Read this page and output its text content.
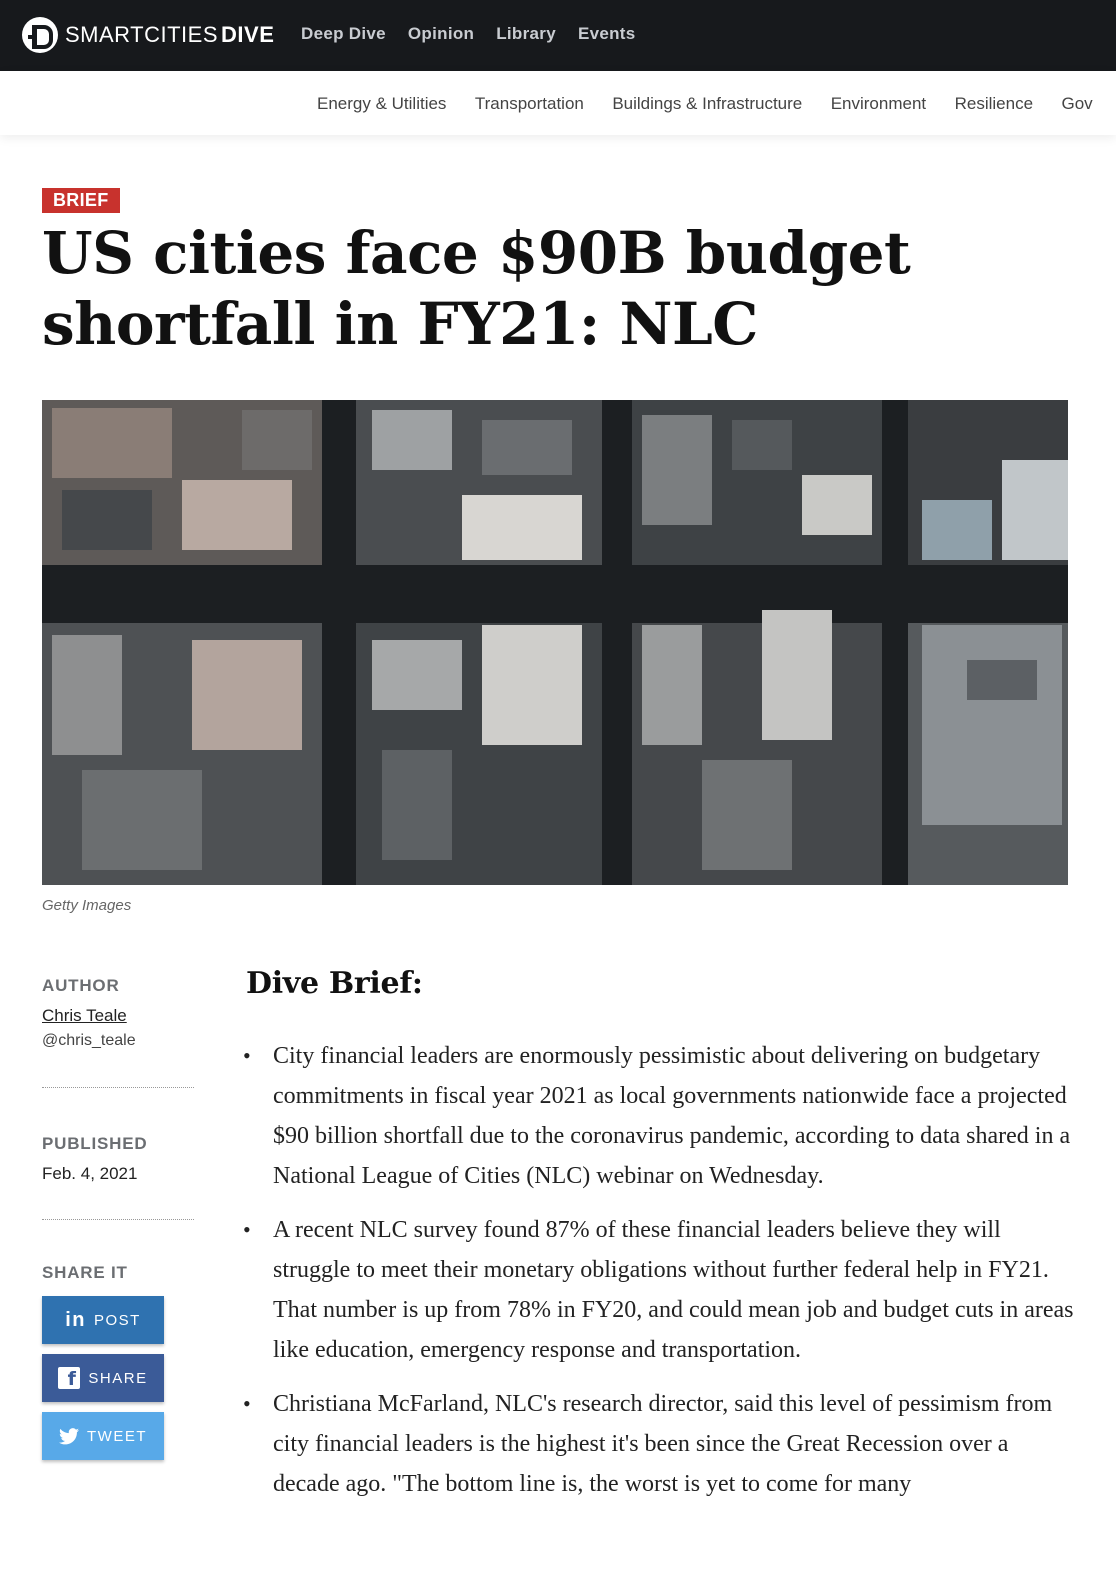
SMARTCITIES DIVE Deep Dive Opinion Library Events
Energy & Utilities Transportation Buildings & Infrastructure Environment Resilience Gov
BRIEF
US cities face $90B budget shortfall in FY21: NLC
Getty Images
AUTHOR
Chris Teale
@chris_teale
PUBLISHED
Feb. 4, 2021
SHARE IT
in POST
f SHARE
TWEET
Dive Brief:
• City financial leaders are enormously pessimistic about delivering on budgetary commitments in fiscal year 2021 as local governments nationwide face a projected $90 billion shortfall due to the coronavirus pandemic, according to data shared in a National League of Cities (NLC) webinar on Wednesday.
• A recent NLC survey found 87% of these financial leaders believe they will struggle to meet their monetary obligations without further federal help in FY21. That number is up from 78% in FY20, and could mean job and budget cuts in areas like education, emergency response and transportation.
• Christiana McFarland, NLC's research director, said this level of pessimism from city financial leaders is the highest it's been since the Great Recession over a decade ago. "The bottom line is, the worst is yet to come for many
